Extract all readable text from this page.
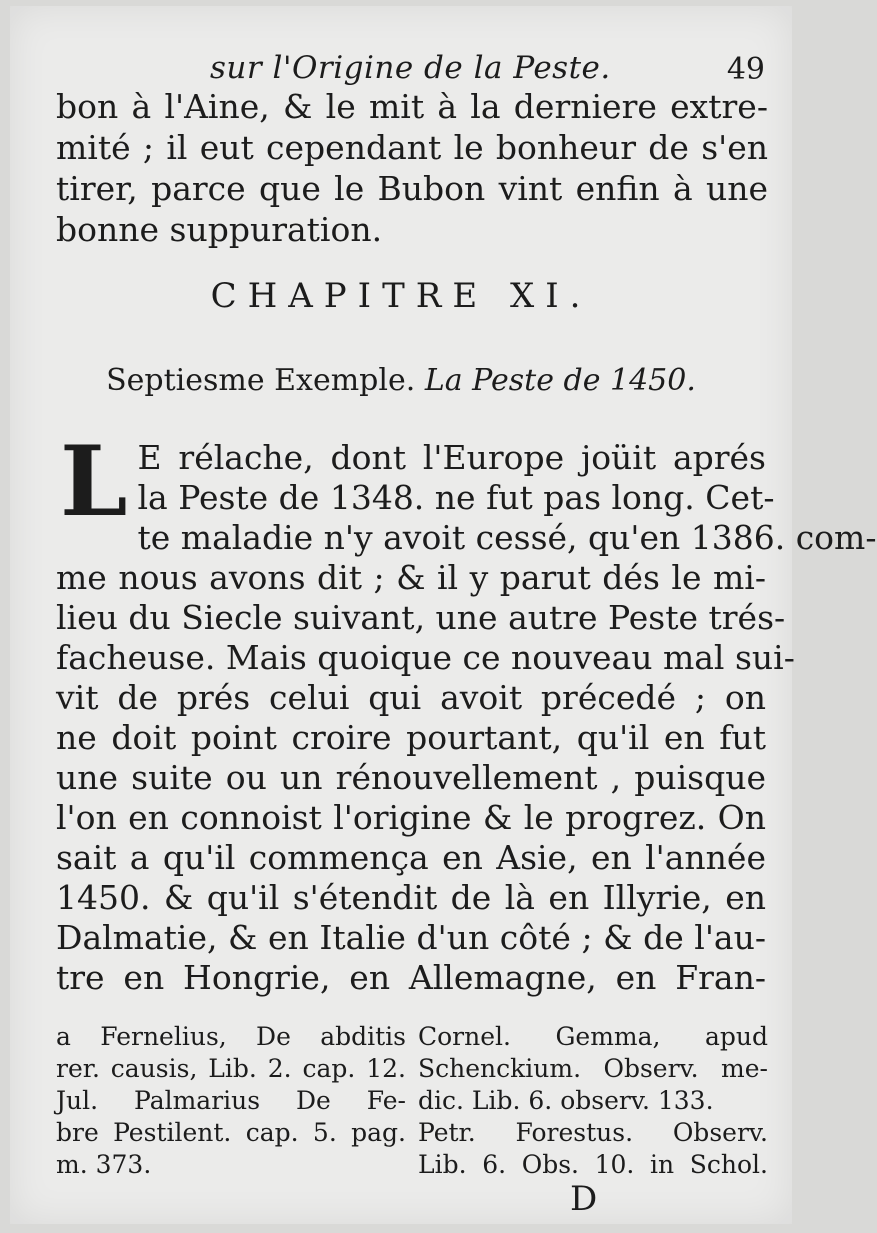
sur l'Origine de la Peste.	49
bon à l'Aine, & le mit à la derniere extre-
mité ; il eut cependant le bonheur de s'en
tirer, parce que le Bubon vint enfin à une
bonne suppuration.
CHAPITRE XI.
Septiesme Exemple. La Peste de 1450.
L E rélache, dont l'Europe joüit aprés
la Peste de 1348. ne fut pas long. Cet-
te maladie n'y avoit cessé, qu'en 1386. com-
me nous avons dit ; & il y parut dés le mi-
lieu du Siecle suivant, une autre Peste trés-
facheuse. Mais quoique ce nouveau mal sui-
vit de prés celui qui avoit précedé ; on
ne doit point croire pourtant, qu'il en fut
une suite ou un rénouvellement , puisque
l'on en connoist l'origine & le progrez. On
sait a qu'il commença en Asie, en l'année
1450. & qu'il s'étendit de là en Illyrie, en
Dalmatie, & en Italie d'un côté ; & de l'au-
tre en Hongrie, en Allemagne, en Fran-
a Fernelius, De abditis
rer. causis, Lib. 2. cap. 12.
Jul. Palmarius De Fe-
bre Pestilent. cap. 5. pag.
m. 373.
Cornel. Gemma, apud
Schenckium. Observ. me-
dic. Lib. 6. observ. 133.
Petr. Forestus. Observ.
Lib. 6. Obs. 10. in Schol.
D
